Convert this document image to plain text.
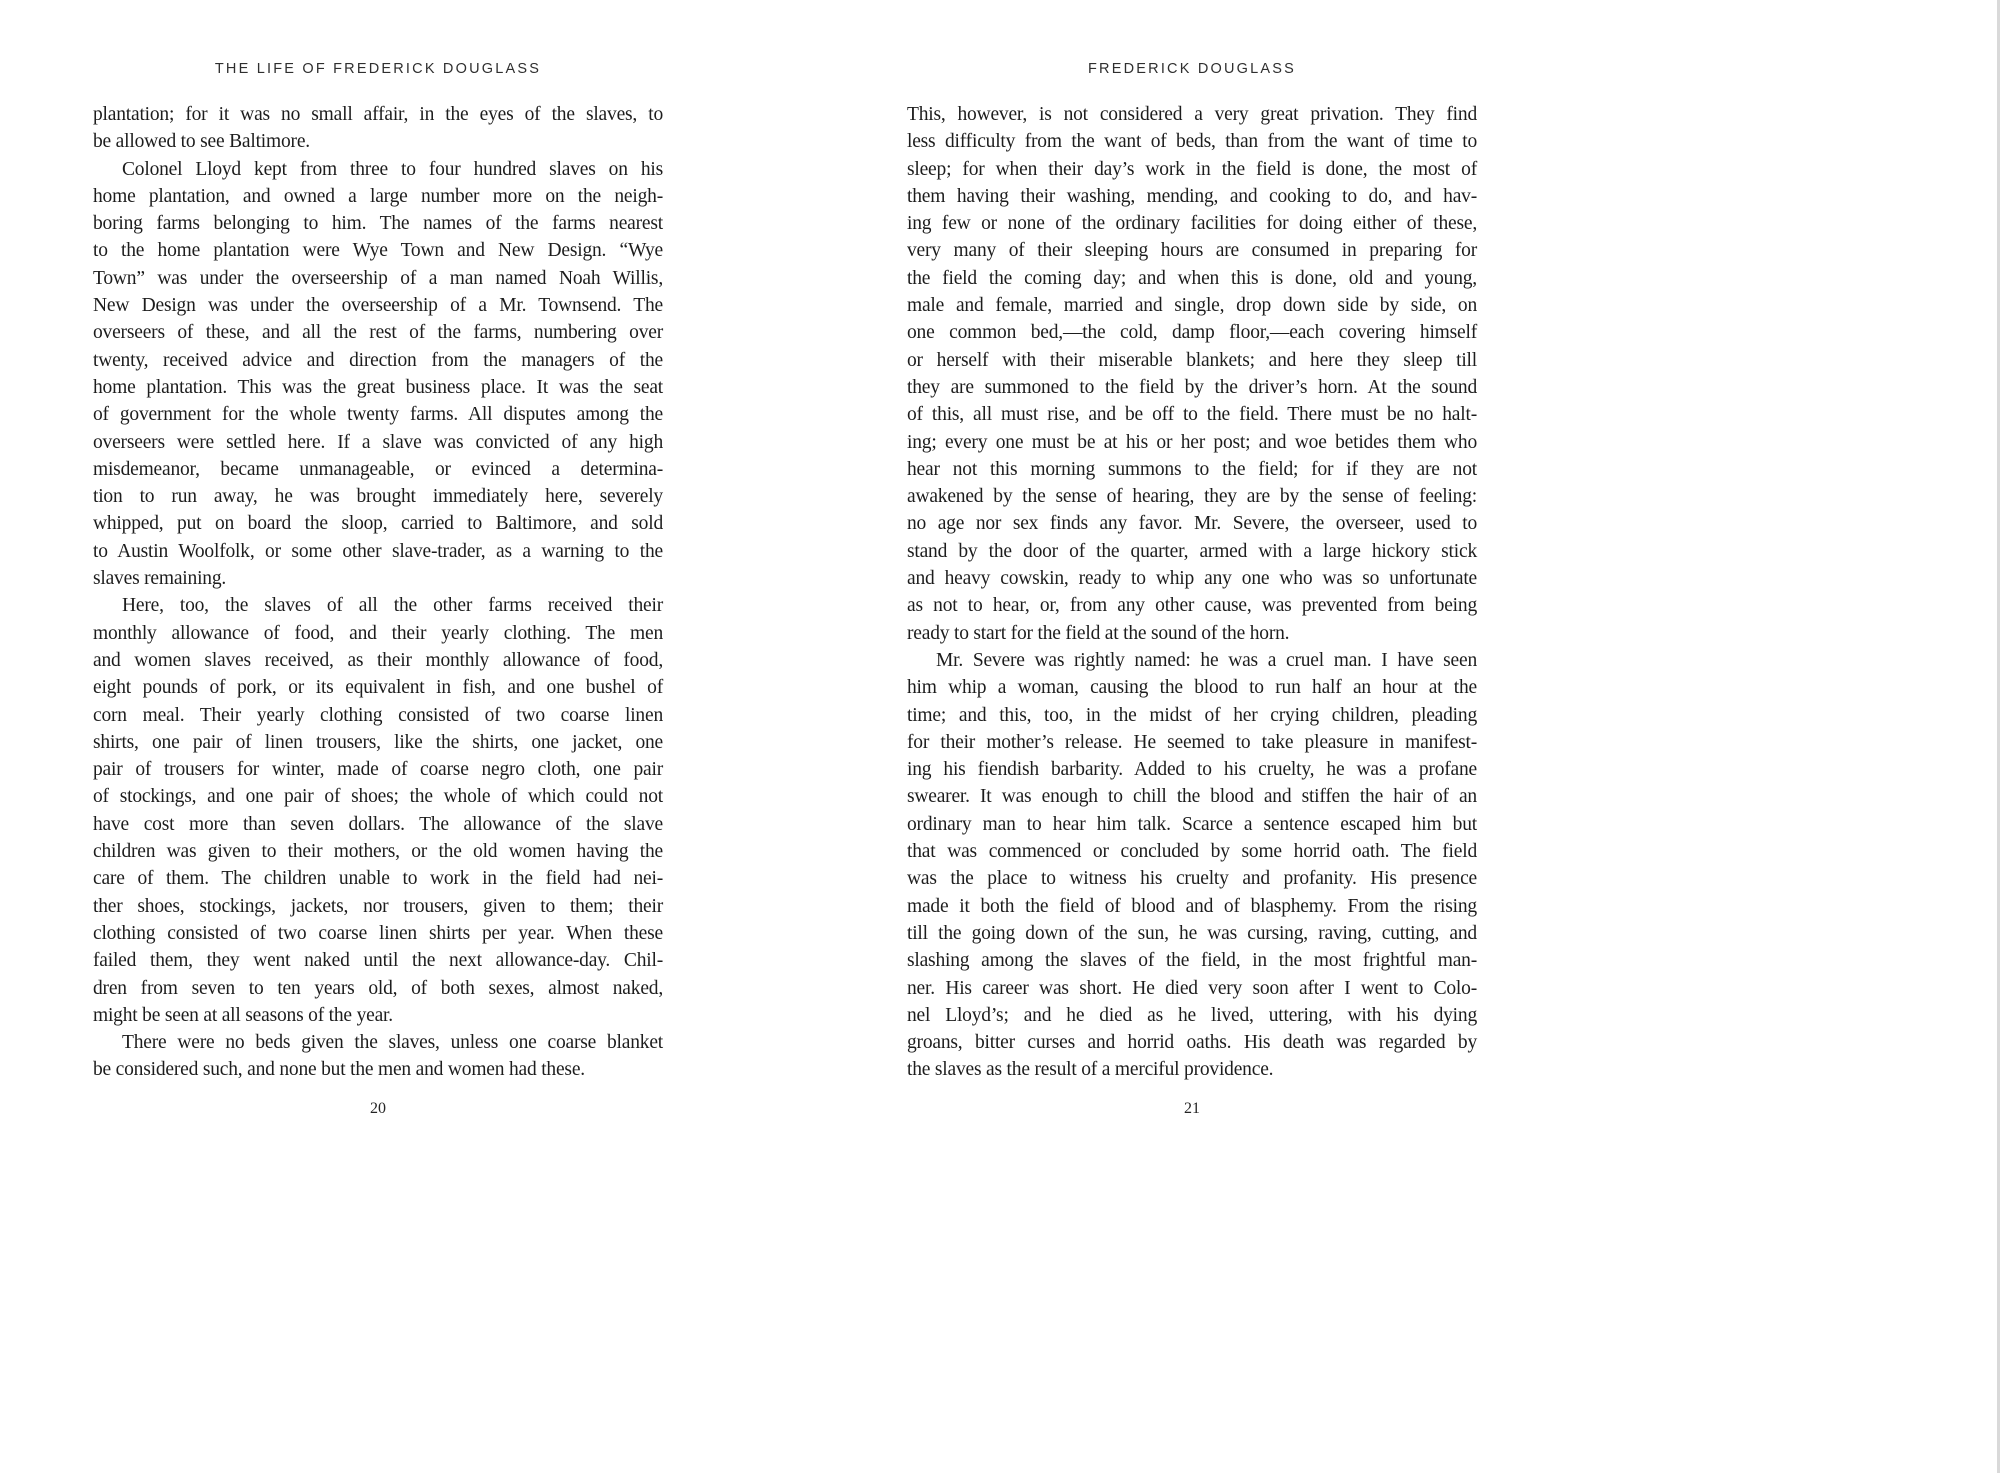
THE LIFE OF FREDERICK DOUGLASS
plantation; for it was no small affair, in the eyes of the slaves, to
be allowed to see Baltimore.
Colonel Lloyd kept from three to four hundred slaves on his
home plantation, and owned a large number more on the neigh-
boring farms belonging to him. The names of the farms nearest
to the home plantation were Wye Town and New Design. “Wye
Town” was under the overseership of a man named Noah Willis,
New Design was under the overseership of a Mr. Townsend. The
overseers of these, and all the rest of the farms, numbering over
twenty, received advice and direction from the managers of the
home plantation. This was the great business place. It was the seat
of government for the whole twenty farms. All disputes among the
overseers were settled here. If a slave was convicted of any high
misdemeanor, became unmanageable, or evinced a determina-
tion to run away, he was brought immediately here, severely
whipped, put on board the sloop, carried to Baltimore, and sold
to Austin Woolfolk, or some other slave-trader, as a warning to the
slaves remaining.
Here, too, the slaves of all the other farms received their
monthly allowance of food, and their yearly clothing. The men
and women slaves received, as their monthly allowance of food,
eight pounds of pork, or its equivalent in fish, and one bushel of
corn meal. Their yearly clothing consisted of two coarse linen
shirts, one pair of linen trousers, like the shirts, one jacket, one
pair of trousers for winter, made of coarse negro cloth, one pair
of stockings, and one pair of shoes; the whole of which could not
have cost more than seven dollars. The allowance of the slave
children was given to their mothers, or the old women having the
care of them. The children unable to work in the field had nei-
ther shoes, stockings, jackets, nor trousers, given to them; their
clothing consisted of two coarse linen shirts per year. When these
failed them, they went naked until the next allowance-day. Chil-
dren from seven to ten years old, of both sexes, almost naked,
might be seen at all seasons of the year.
There were no beds given the slaves, unless one coarse blanket
be considered such, and none but the men and women had these.
20
FREDERICK DOUGLASS
This, however, is not considered a very great privation. They find
less difficulty from the want of beds, than from the want of time to
sleep; for when their day’s work in the field is done, the most of
them having their washing, mending, and cooking to do, and hav-
ing few or none of the ordinary facilities for doing either of these,
very many of their sleeping hours are consumed in preparing for
the field the coming day; and when this is done, old and young,
male and female, married and single, drop down side by side, on
one common bed,—the cold, damp floor,—each covering himself
or herself with their miserable blankets; and here they sleep till
they are summoned to the field by the driver’s horn. At the sound
of this, all must rise, and be off to the field. There must be no halt-
ing; every one must be at his or her post; and woe betides them who
hear not this morning summons to the field; for if they are not
awakened by the sense of hearing, they are by the sense of feeling:
no age nor sex finds any favor. Mr. Severe, the overseer, used to
stand by the door of the quarter, armed with a large hickory stick
and heavy cowskin, ready to whip any one who was so unfortunate
as not to hear, or, from any other cause, was prevented from being
ready to start for the field at the sound of the horn.
Mr. Severe was rightly named: he was a cruel man. I have seen
him whip a woman, causing the blood to run half an hour at the
time; and this, too, in the midst of her crying children, pleading
for their mother’s release. He seemed to take pleasure in manifest-
ing his fiendish barbarity. Added to his cruelty, he was a profane
swearer. It was enough to chill the blood and stiffen the hair of an
ordinary man to hear him talk. Scarce a sentence escaped him but
that was commenced or concluded by some horrid oath. The field
was the place to witness his cruelty and profanity. His presence
made it both the field of blood and of blasphemy. From the rising
till the going down of the sun, he was cursing, raving, cutting, and
slashing among the slaves of the field, in the most frightful man-
ner. His career was short. He died very soon after I went to Colo-
nel Lloyd’s; and he died as he lived, uttering, with his dying
groans, bitter curses and horrid oaths. His death was regarded by
the slaves as the result of a merciful providence.
21
